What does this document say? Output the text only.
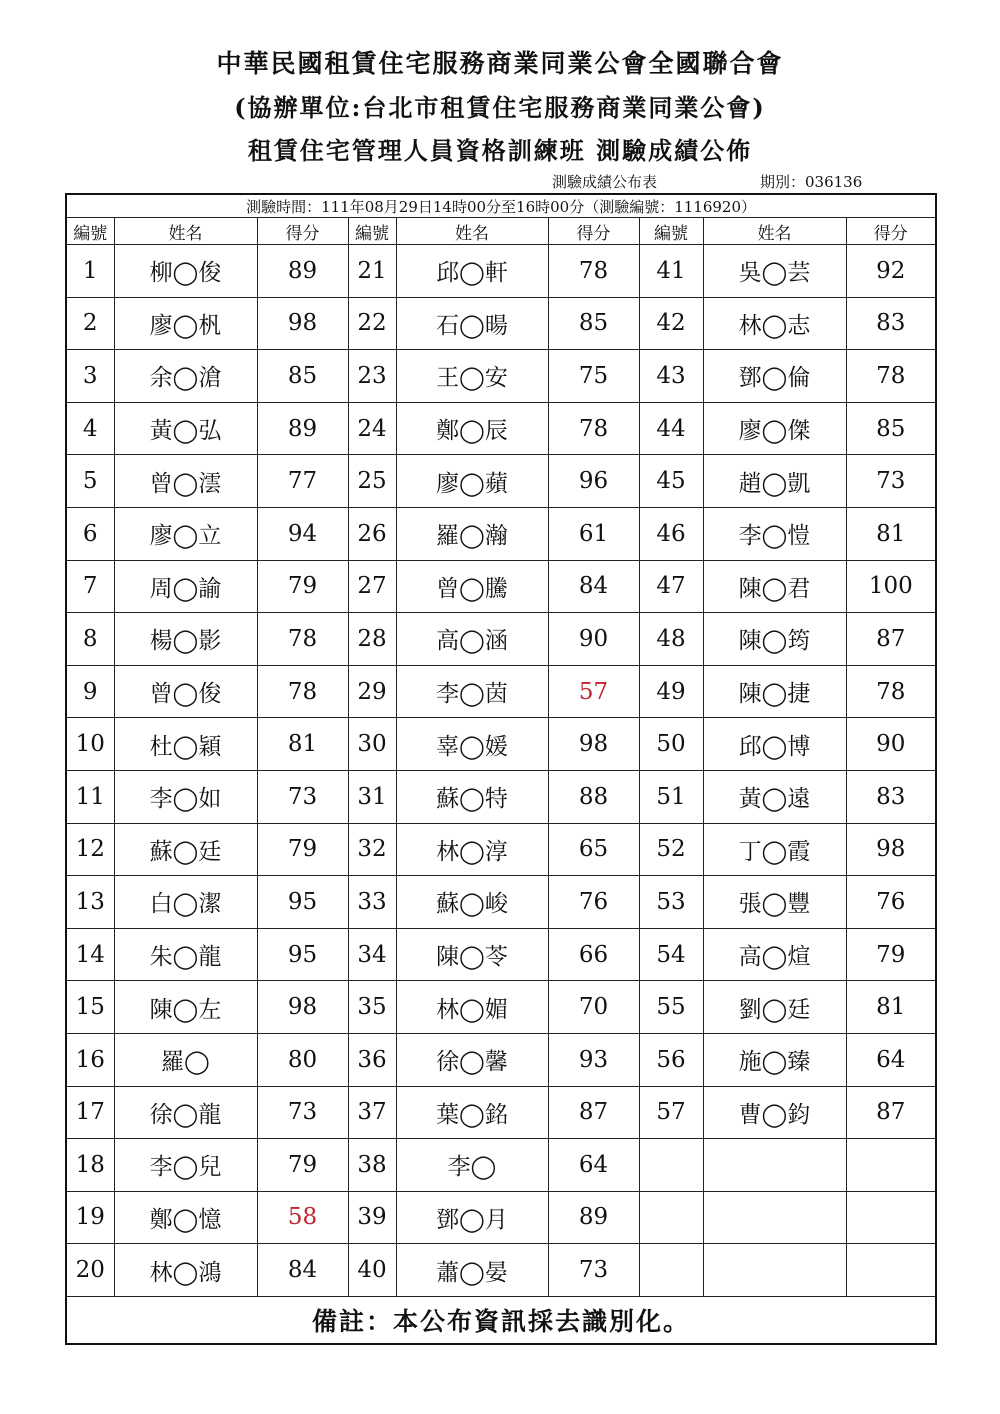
中華民國租賃住宅服務商業同業公會全國聯合會
(協辦單位:台北市租賃住宅服務商業同業公會)
租賃住宅管理人員資格訓練班 測驗成績公佈
測驗成績公布表	期別：036136
測驗時間：111年08月29日14時00分至16時00分（測驗編號：1116920）								
編號	姓名	得分	編號	姓名	得分	編號	姓名	得分
1	柳◯俊	89	21	邱◯軒	78	41	吳◯芸	92
2	廖◯杋	98	22	石◯暘	85	42	林◯志	83
3	余◯滄	85	23	王◯安	75	43	鄧◯倫	78
4	黃◯弘	89	24	鄭◯辰	78	44	廖◯傑	85
5	曾◯澐	77	25	廖◯蘋	96	45	趙◯凱	73
6	廖◯立	94	26	羅◯瀚	61	46	李◯愷	81
7	周◯諭	79	27	曾◯騰	84	47	陳◯君	100
8	楊◯影	78	28	高◯涵	90	48	陳◯筠	87
9	曾◯俊	78	29	李◯茵	57	49	陳◯捷	78
10	杜◯穎	81	30	辜◯媛	98	50	邱◯博	90
11	李◯如	73	31	蘇◯特	88	51	黃◯遠	83
12	蘇◯廷	79	32	林◯淳	65	52	丁◯霞	98
13	白◯潔	95	33	蘇◯峻	76	53	張◯豐	76
14	朱◯龍	95	34	陳◯苓	66	54	高◯煊	79
15	陳◯左	98	35	林◯媚	70	55	劉◯廷	81
16	羅◯	80	36	徐◯馨	93	56	施◯臻	64
17	徐◯龍	73	37	葉◯銘	87	57	曹◯鈞	87
18	李◯兒	79	38	李◯	64			
19	鄭◯憶	58	39	鄧◯月	89			
20	林◯鴻	84	40	蕭◯晏	73			
備註：本公布資訊採去識別化。								
